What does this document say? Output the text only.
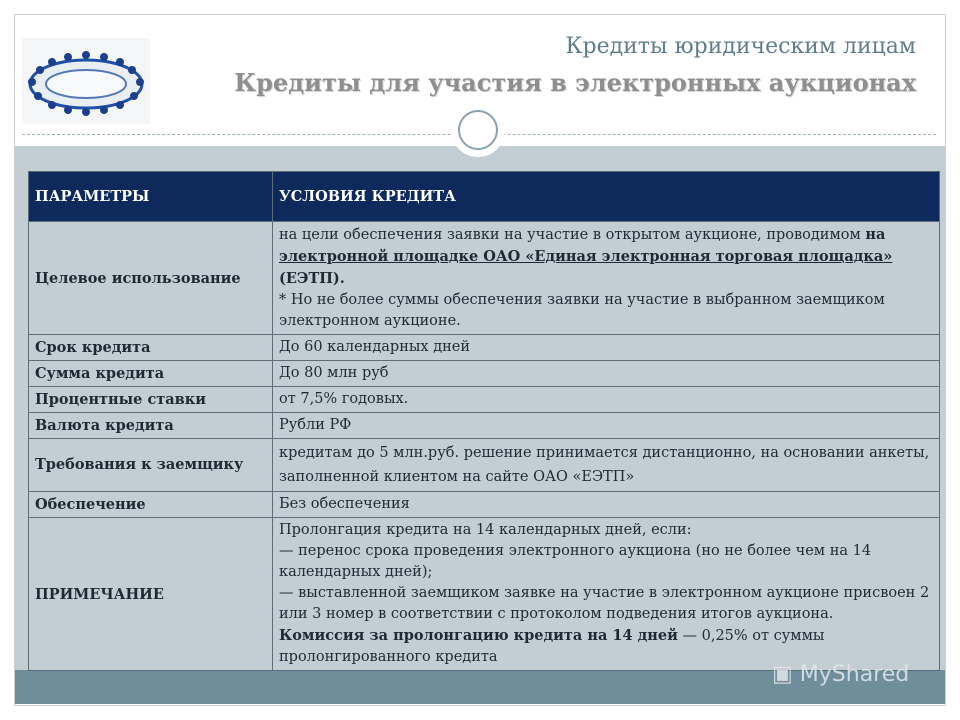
Кредиты юридическим лицам
Кредиты для участия в электронных аукционах
ПАРАМЕТРЫ	УСЛОВИЯ КРЕДИТА
Целевое использование	на цели обеспечения заявки на участие в открытом аукционе, проводимом на электронной площадке ОАО «Единая электронная торговая площадка» (ЕЭТП).
* Но не более суммы обеспечения заявки на участие в выбранном заемщиком электронном аукционе.
Срок кредита	До 60 календарных дней
Сумма кредита	До 80 млн руб
Процентные ставки	от 7,5% годовых.
Валюта кредита	Рубли РФ
Требования к заемщику	кредитам до 5 млн.руб. решение принимается дистанционно, на основании анкеты, заполненной клиентом на сайте ОАО «ЕЭТП»
Обеспечение	Без обеспечения
ПРИМЕЧАНИЕ	Пролонгация кредита на 14 календарных дней, если:
— перенос срока проведения электронного аукциона (но не более чем на 14 календарных дней);
— выставленной заемщиком заявке на участие в электронном аукционе присвоен 2 или 3 номер в соответствии с протоколом подведения итогов аукциона.
Комиссия за пролонгацию кредита на 14 дней — 0,25% от суммы пролонгированного кредита
▣ MyShared
